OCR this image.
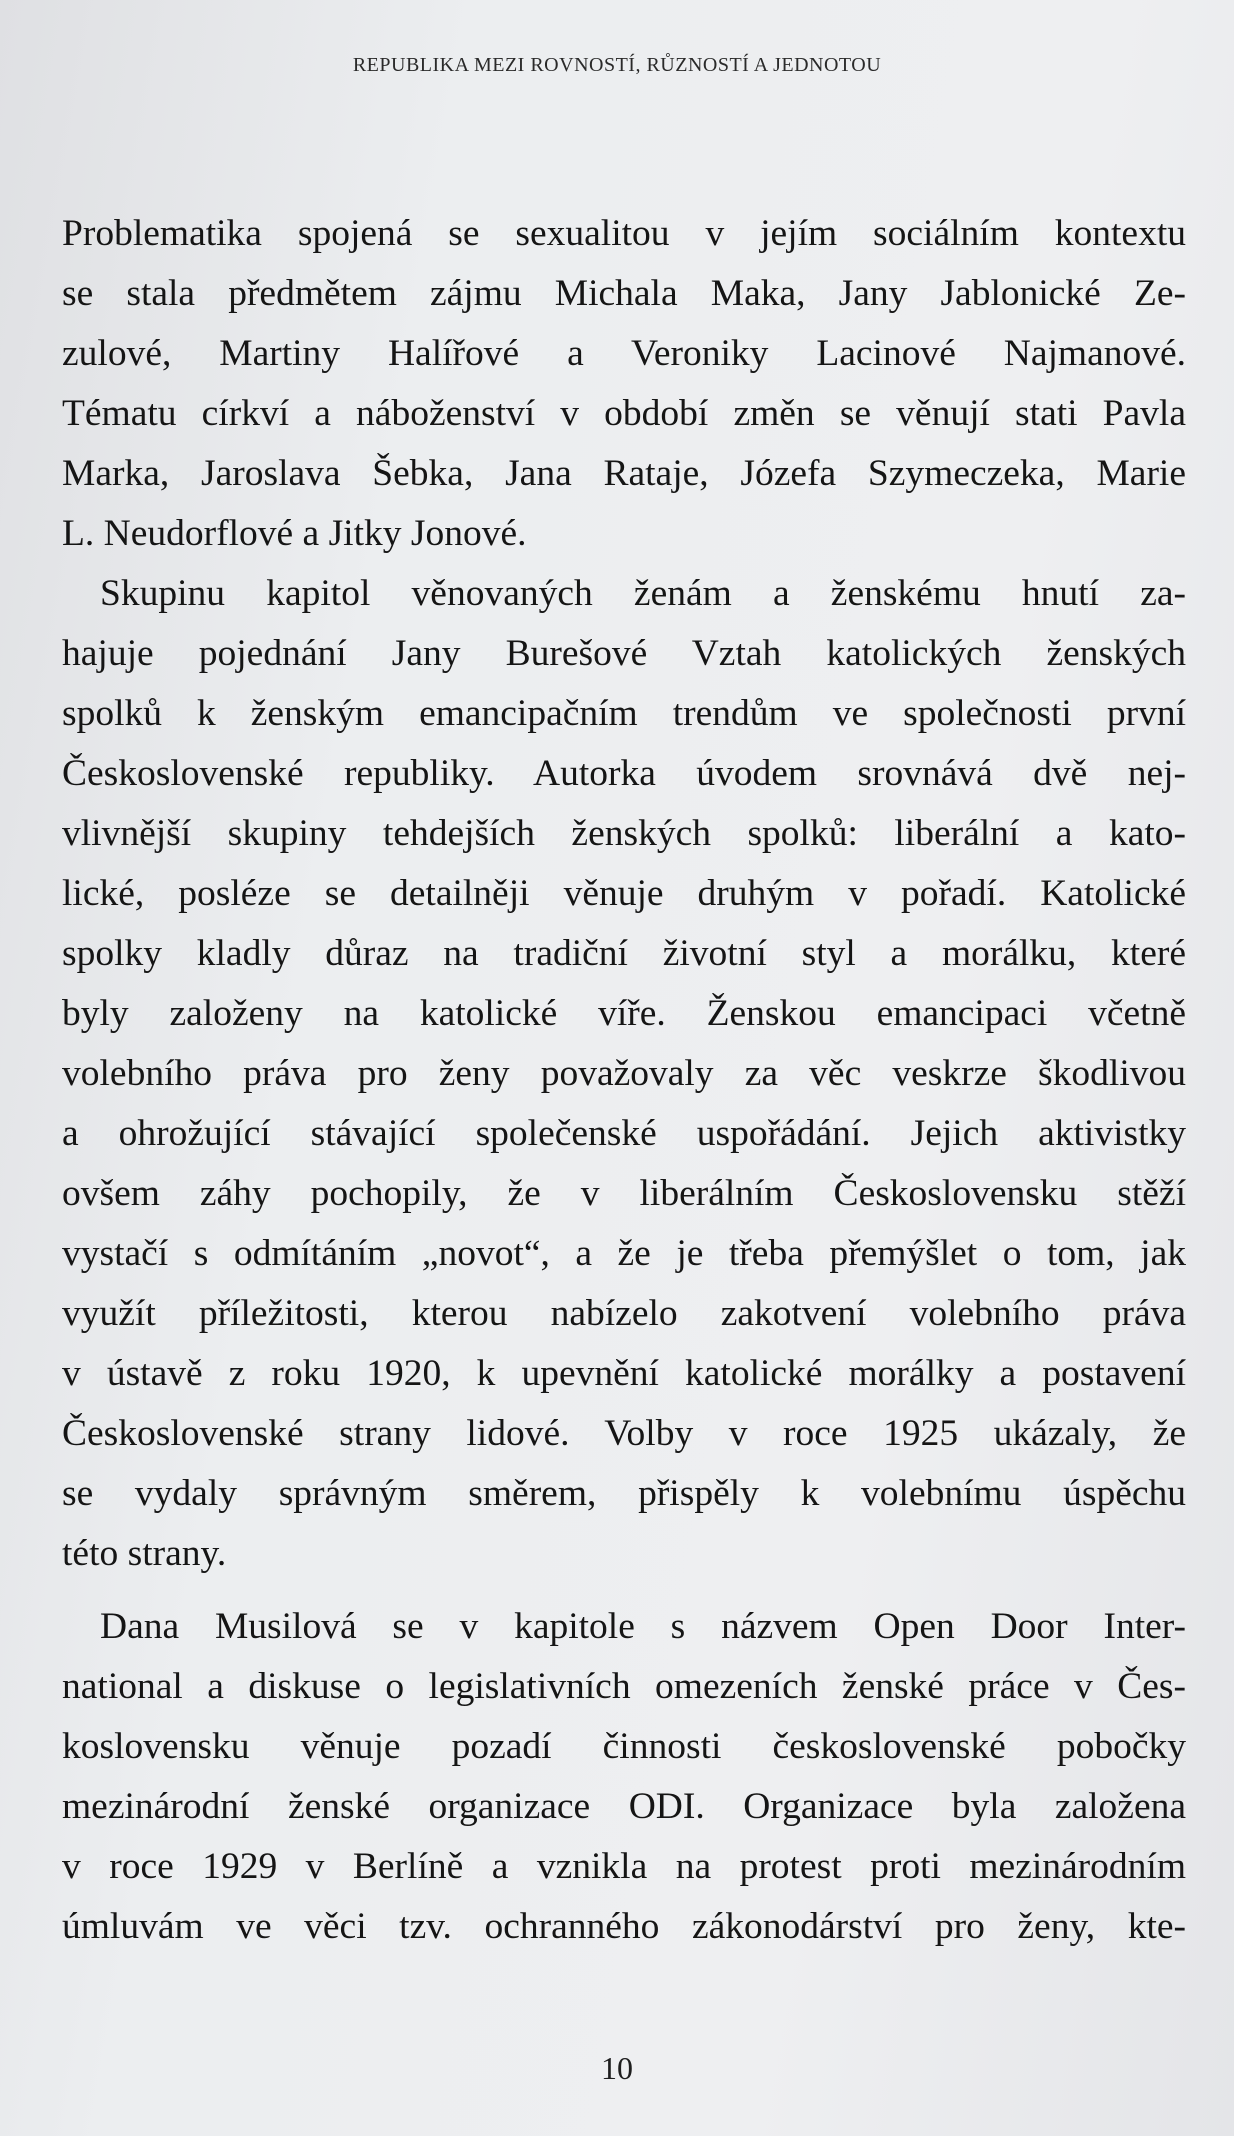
REPUBLIKA MEZI ROVNOSTÍ, RŮZNOSTÍ A JEDNOTOU
Problematika spojená se sexualitou v jejím sociálním kontextu
se stala předmětem zájmu Michala Maka, Jany Jablonické Ze-
zulové, Martiny Halířové a Veroniky Lacinové Najmanové.
Tématu církví a náboženství v období změn se věnují stati Pavla
Marka, Jaroslava Šebka, Jana Rataje, Józefa Szymeczeka, Marie
L. Neudorflové a Jitky Jonové.
Skupinu kapitol věnovaných ženám a ženskému hnutí za-
hajuje pojednání Jany Burešové Vztah katolických ženských
spolků k ženským emancipačním trendům ve společnosti první
Československé republiky. Autorka úvodem srovnává dvě nej-
vlivnější skupiny tehdejších ženských spolků: liberální a kato-
lické, posléze se detailněji věnuje druhým v pořadí. Katolické
spolky kladly důraz na tradiční životní styl a morálku, které
byly založeny na katolické víře. Ženskou emancipaci včetně
volebního práva pro ženy považovaly za věc veskrze škodlivou
a ohrožující stávající společenské uspořádání. Jejich aktivistky
ovšem záhy pochopily, že v liberálním Československu stěží
vystačí s odmítáním „novot“, a že je třeba přemýšlet o tom, jak
využít příležitosti, kterou nabízelo zakotvení volebního práva
v ústavě z roku 1920, k upevnění katolické morálky a postavení
Československé strany lidové. Volby v roce 1925 ukázaly, že
se vydaly správným směrem, přispěly k volebnímu úspěchu
této strany.
Dana Musilová se v kapitole s názvem Open Door Inter-
national a diskuse o legislativních omezeních ženské práce v Čes-
koslovensku věnuje pozadí činnosti československé pobočky
mezinárodní ženské organizace ODI. Organizace byla založena
v roce 1929 v Berlíně a vznikla na protest proti mezinárodním
úmluvám ve věci tzv. ochranného zákonodárství pro ženy, kte-
10
